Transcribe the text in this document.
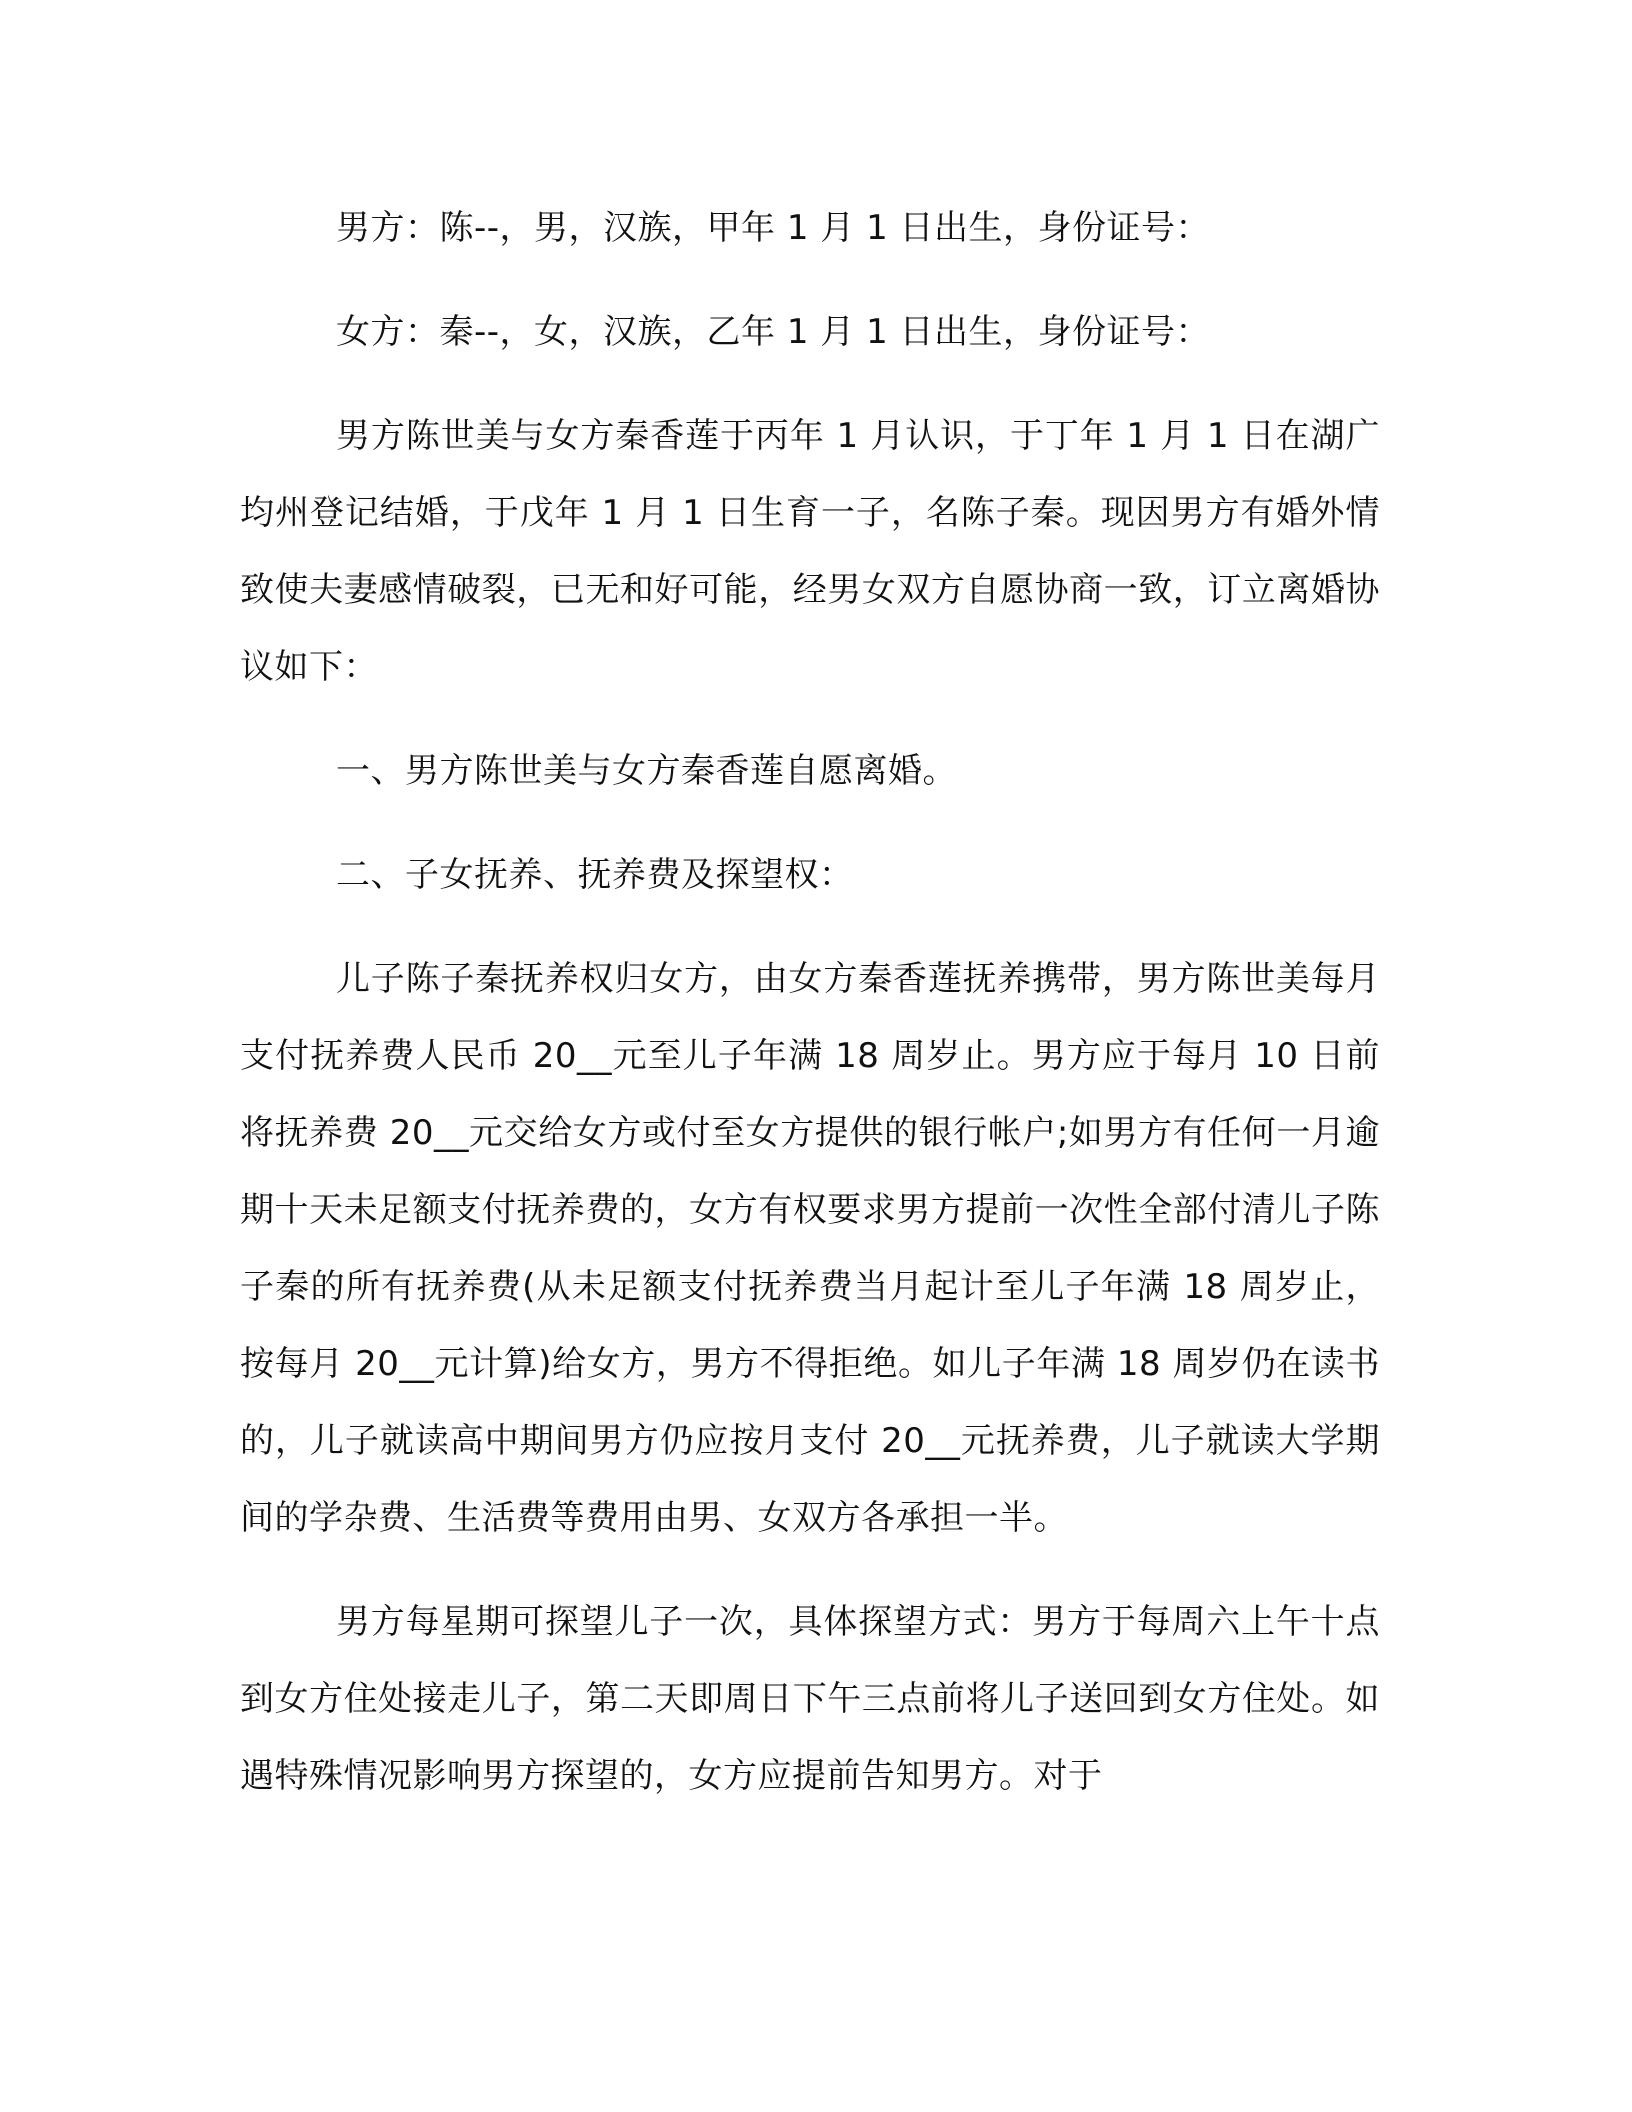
男方：陈--，男，汉族，甲年 1 月 1 日出生，身份证号：

女方：秦--，女，汉族，乙年 1 月 1 日出生，身份证号：

男方陈世美与女方秦香莲于丙年 1 月认识，于丁年 1 月 1 日在湖广均州登记结婚，于戊年 1 月 1 日生育一子，名陈子秦。现因男方有婚外情致使夫妻感情破裂，已无和好可能，经男女双方自愿协商一致，订立离婚协议如下：

一、男方陈世美与女方秦香莲自愿离婚。

二、子女抚养、抚养费及探望权：

儿子陈子秦抚养权归女方，由女方秦香莲抚养携带，男方陈世美每月支付抚养费人民币 20__元至儿子年满 18 周岁止。男方应于每月 10 日前将抚养费 20__元交给女方或付至女方提供的银行帐户;如男方有任何一月逾期十天未足额支付抚养费的，女方有权要求男方提前一次性全部付清儿子陈子秦的所有抚养费(从未足额支付抚养费当月起计至儿子年满 18 周岁止，按每月 20__元计算)给女方，男方不得拒绝。如儿子年满 18 周岁仍在读书的，儿子就读高中期间男方仍应按月支付 20__元抚养费，儿子就读大学期间的学杂费、生活费等费用由男、女双方各承担一半。

男方每星期可探望儿子一次，具体探望方式：男方于每周六上午十点到女方住处接走儿子，第二天即周日下午三点前将儿子送回到女方住处。如遇特殊情况影响男方探望的，女方应提前告知男方。对于
